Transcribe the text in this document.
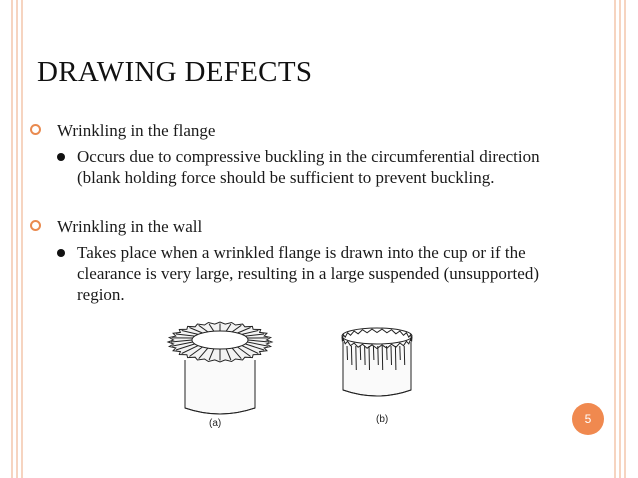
DRAWING DEFECTS
Wrinkling in the flange
Occurs due to compressive buckling in the circumferential direction
(blank holding force should be sufficient to prevent buckling.
Wrinkling in the wall
Takes place when a wrinkled flange is drawn into the cup or if the
clearance is very large, resulting in a large suspended (unsupported)
region.
(a)	(b)	5
